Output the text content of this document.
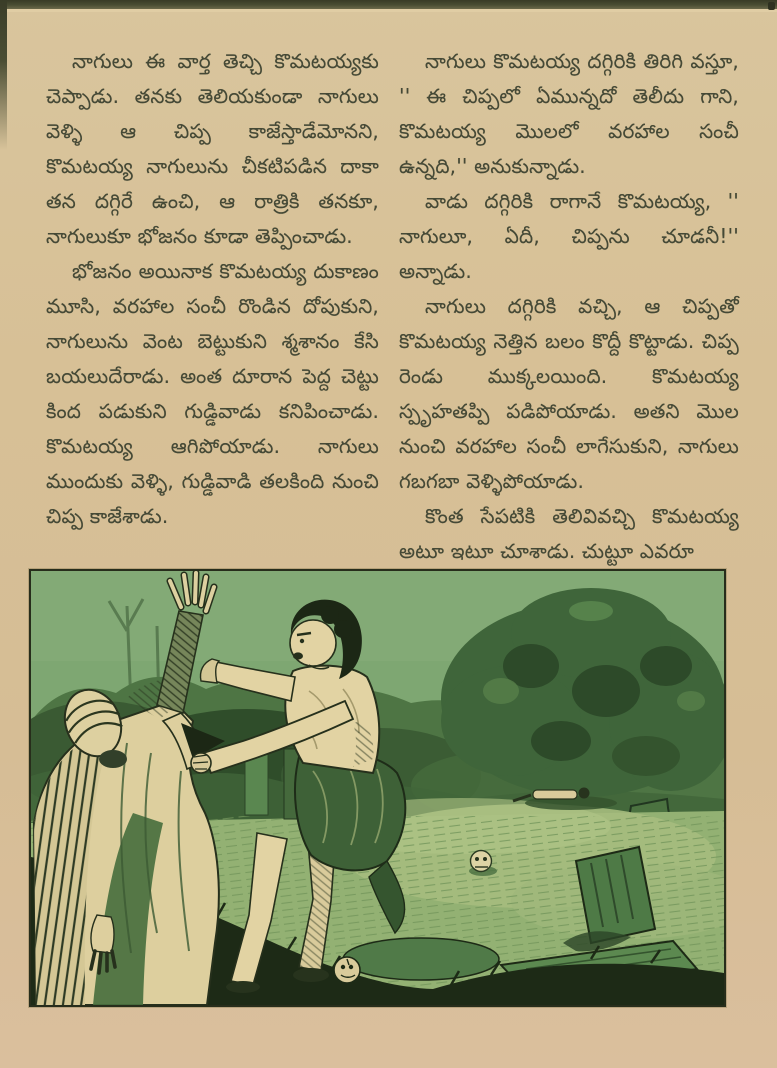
నాగులు ఈ వార్త తెచ్చి కొమటయ్యకు చెప్పాడు. తనకు తెలియకుండా నాగులు వెళ్ళి ఆ చిప్ప కాజేస్తాడేమోనని, కొమటయ్య నాగులును చీకటిపడిన దాకా తన దగ్గిరే ఉంచి, ఆ రాత్రికి తనకూ, నాగులుకూ భోజనం కూడా తెప్పించాడు.

భోజనం అయినాక కొమటయ్య దుకాణం మూసి, వరహాల సంచీ రొండిన దోపుకుని, నాగులును వెంట బెట్టుకుని శ్మశానం కేసి బయలుదేరాడు. అంత దూరాన పెద్ద చెట్టు కింద పడుకుని గుడ్డివాడు కనిపించాడు. కొమటయ్య ఆగిపోయాడు. నాగులు ముందుకు వెళ్ళి, గుడ్డివాడి తలకింది నుంచి చిప్ప కాజేశాడు.

నాగులు కొమటయ్య దగ్గిరికి తిరిగి వస్తూ, '' ఈ చిప్పలో ఏమున్నదో తెలీదు గాని, కొమటయ్య మొలలో వరహాల సంచీ ఉన్నది,'' అనుకున్నాడు.

వాడు దగ్గిరికి రాగానే కొమటయ్య, '' నాగులూ, ఏదీ, చిప్పను చూడనీ!'' అన్నాడు.

నాగులు దగ్గిరికి వచ్చి, ఆ చిప్పతో కొమటయ్య నెత్తిన బలం కొద్దీ కొట్టాడు. చిప్ప రెండు ముక్కలయింది. కొమటయ్య స్పృహతప్పి పడిపోయాడు. అతని మొల నుంచి వరహాల సంచీ లాగేసుకుని, నాగులు గబగబా వెళ్ళిపోయాడు.

కొంత సేపటికి తెలివివచ్చి కొమటయ్య అటూ ఇటూ చూశాడు. చుట్టూ ఎవరూ
